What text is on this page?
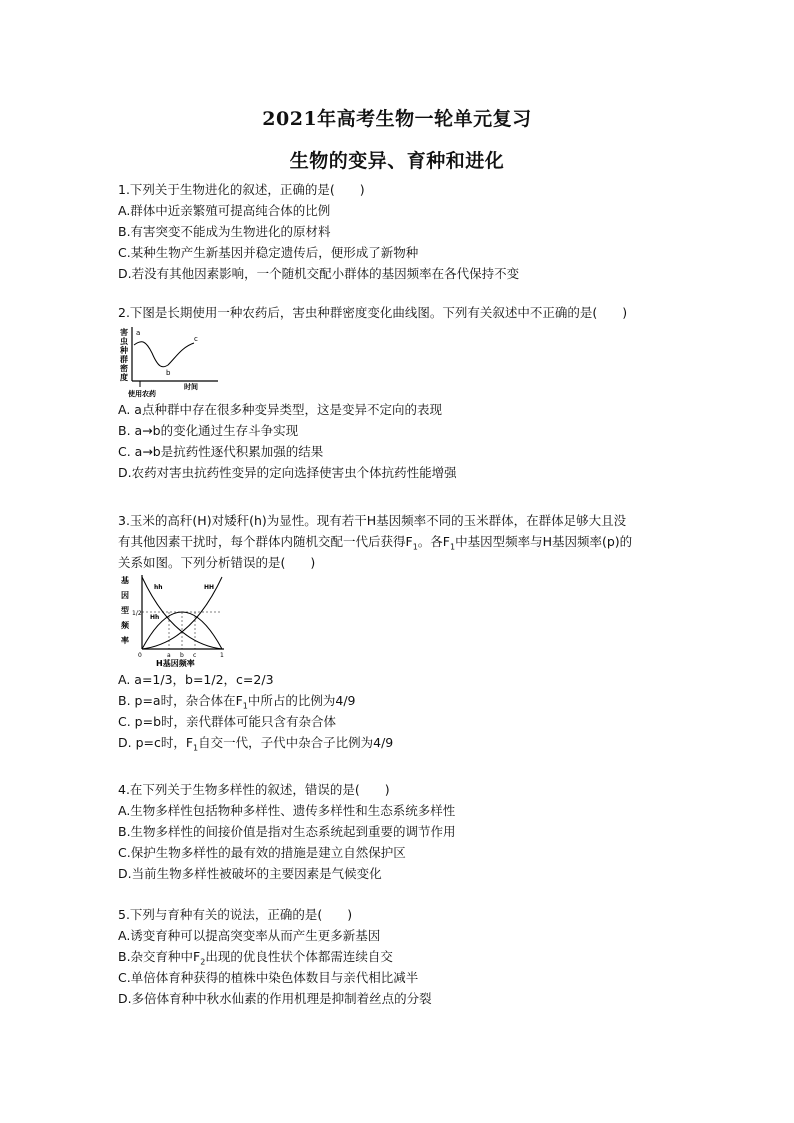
2021年高考生物一轮单元复习
生物的变异、育种和进化
1.下列关于生物进化的叙述，正确的是(　　)
A.群体中近亲繁殖可提高纯合体的比例
B.有害突变不能成为生物进化的原材料
C.某种生物产生新基因并稳定遗传后，便形成了新物种
D.若没有其他因素影响，一个随机交配小群体的基因频率在各代保持不变
2.下图是长期使用一种农药后，害虫种群密度变化曲线图。下列有关叙述中不正确的是(　　)
害
虫
种
群
密
度
a
b
c
时间
使用农药
A. a点种群中存在很多种变异类型，这是变异不定向的表现
B. a→b的变化通过生存斗争实现
C. a→b是抗药性逐代积累加强的结果
D.农药对害虫抗药性变异的定向选择使害虫个体抗药性能增强
3.玉米的高秆(H)对矮秆(h)为显性。现有若干H基因频率不同的玉米群体，在群体足够大且没
有其他因素干扰时，每个群体内随机交配一代后获得$F_1$。各$F_1$中基因型频率与H基因频率(p)的
关系如图。下列分析错误的是(　　)
基
因
型
频
率
1/2
hh
Hh
HH
0	a b c	1
H基因频率
A. a=1/3，b=1/2，c=2/3
B. p=a时，杂合体在$F_1$中所占的比例为4/9
C. p=b时，亲代群体可能只含有杂合体
D. p=c时，$F_1$自交一代，子代中杂合子比例为4/9
4.在下列关于生物多样性的叙述，错误的是(　　)
A.生物多样性包括物种多样性、遗传多样性和生态系统多样性
B.生物多样性的间接价值是指对生态系统起到重要的调节作用
C.保护生物多样性的最有效的措施是建立自然保护区
D.当前生物多样性被破坏的主要因素是气候变化
5.下列与育种有关的说法，正确的是(　　)
A.诱变育种可以提高突变率从而产生更多新基因
B.杂交育种中$F_2$出现的优良性状个体都需连续自交
C.单倍体育种获得的植株中染色体数目与亲代相比减半
D.多倍体育种中秋水仙素的作用机理是抑制着丝点的分裂
